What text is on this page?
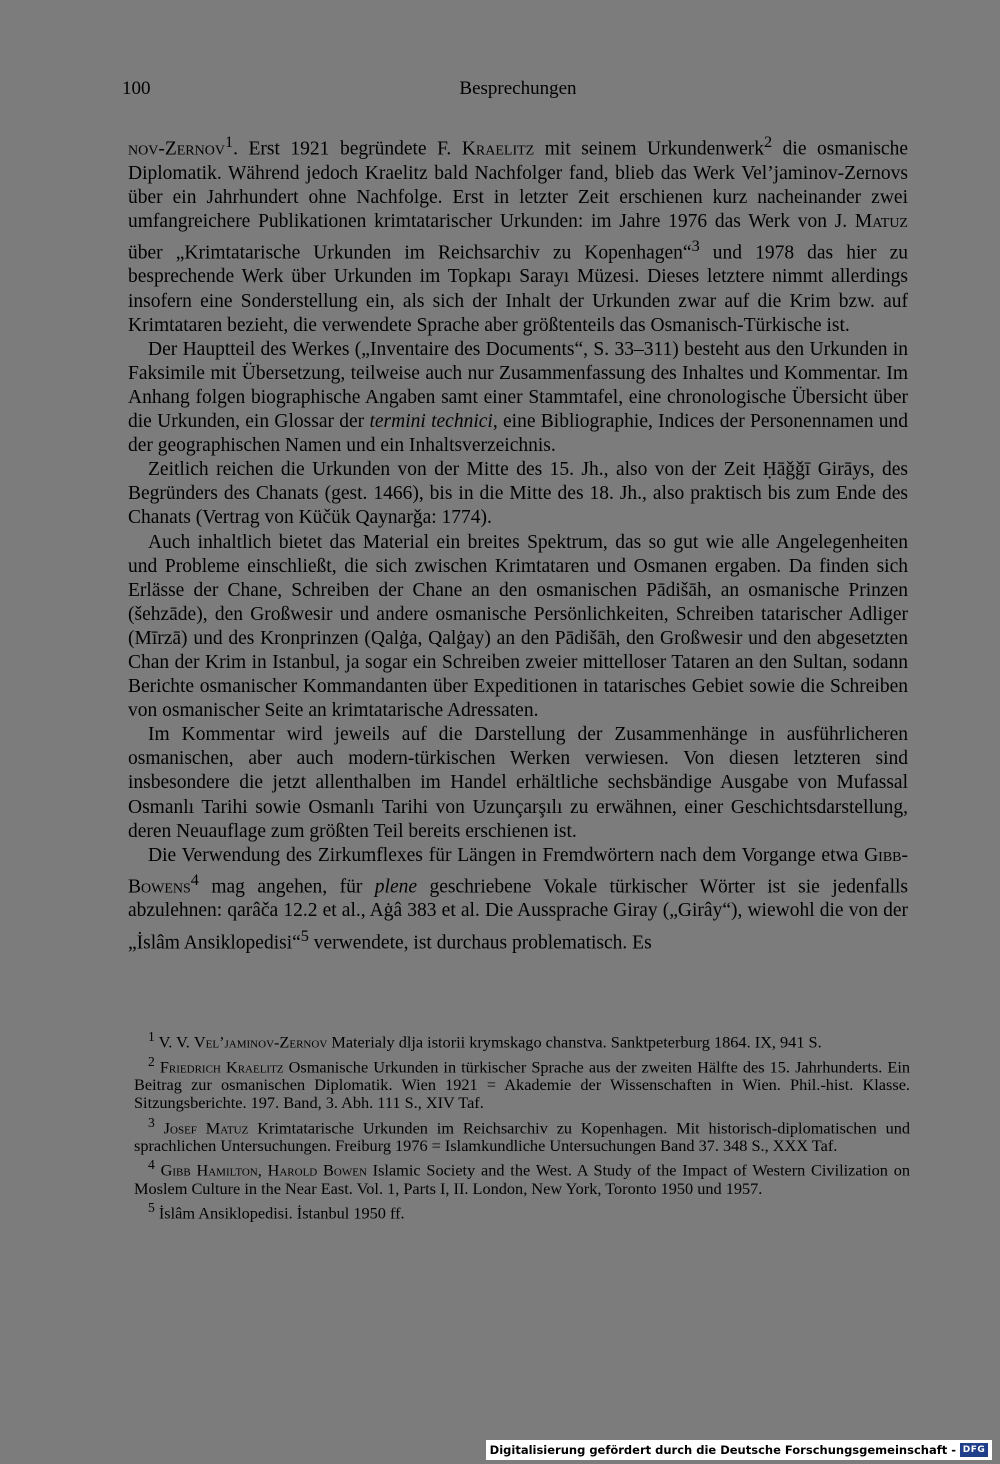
100	Besprechungen

nov-Zernov$^1$. Erst 1921 begründete F. Kraelitz mit seinem Urkundenwerk$^2$ die osmanische Diplomatik. Während jedoch Kraelitz bald Nachfolger fand, blieb das Werk Vel’jaminov-Zernovs über ein Jahrhundert ohne Nachfolge. Erst in letzter Zeit erschienen kurz nacheinander zwei umfangreichere Publikationen krimtatarischer Urkunden: im Jahre 1976 das Werk von J. Matuz über „Krimtatarische Urkunden im Reichsarchiv zu Kopenhagen“$^3$ und 1978 das hier zu besprechende Werk über Urkunden im Topkapı Sarayı Müzesi. Dieses letztere nimmt allerdings insofern eine Sonderstellung ein, als sich der Inhalt der Urkunden zwar auf die Krim bzw. auf Krimtataren bezieht, die verwendete Sprache aber größtenteils das Osmanisch-Türkische ist.

Der Hauptteil des Werkes („Inventaire des Documents“, S. 33–311) besteht aus den Urkunden in Faksimile mit Übersetzung, teilweise auch nur Zusammenfassung des Inhaltes und Kommentar. Im Anhang folgen biographische Angaben samt einer Stammtafel, eine chronologische Übersicht über die Urkunden, ein Glossar der termini technici, eine Bibliographie, Indices der Personennamen und der geographischen Namen und ein Inhaltsverzeichnis.

Zeitlich reichen die Urkunden von der Mitte des 15. Jh., also von der Zeit Ḥāǧǧī Girāys, des Begründers des Chanats (gest. 1466), bis in die Mitte des 18. Jh., also praktisch bis zum Ende des Chanats (Vertrag von Küčük Qaynarǧa: 1774).

Auch inhaltlich bietet das Material ein breites Spektrum, das so gut wie alle Angelegenheiten und Probleme einschließt, die sich zwischen Krimtataren und Osmanen ergaben. Da finden sich Erlässe der Chane, Schreiben der Chane an den osmanischen Pādišāh, an osmanische Prinzen (šehzāde), den Großwesir und andere osmanische Persönlichkeiten, Schreiben tatarischer Adliger (Mīrzā) und des Kronprinzen (Qalġa, Qalġay) an den Pādišāh, den Großwesir und den abgesetzten Chan der Krim in Istanbul, ja sogar ein Schreiben zweier mittelloser Tataren an den Sultan, sodann Berichte osmanischer Kommandanten über Expeditionen in tatarisches Gebiet sowie die Schreiben von osmanischer Seite an krimtatarische Adressaten.

Im Kommentar wird jeweils auf die Darstellung der Zusammenhänge in ausführlicheren osmanischen, aber auch modern-türkischen Werken verwiesen. Von diesen letzteren sind insbesondere die jetzt allenthalben im Handel erhältliche sechsbändige Ausgabe von Mufassal Osmanlı Tarihi sowie Osmanlı Tarihi von Uzunçarşılı zu erwähnen, einer Geschichtsdarstellung, deren Neuauflage zum größten Teil bereits erschienen ist.

Die Verwendung des Zirkumflexes für Längen in Fremdwörtern nach dem Vorgange etwa Gibb-Bowens$^4$ mag angehen, für plene geschriebene Vokale türkischer Wörter ist sie jedenfalls abzulehnen: qarâča 12.2 et al., Aġâ 383 et al. Die Aussprache Giray („Girây“), wiewohl die von der „İslâm Ansiklopedisi“$^5$ verwendete, ist durchaus problematisch. Es

$^1$ V. V. Vel’jaminov-Zernov Materialy dlja istorii krymskago chanstva. Sanktpeterburg 1864. IX, 941 S.

$^2$ Friedrich Kraelitz Osmanische Urkunden in türkischer Sprache aus der zweiten Hälfte des 15. Jahrhunderts. Ein Beitrag zur osmanischen Diplomatik. Wien 1921 = Akademie der Wissenschaften in Wien. Phil.-hist. Klasse. Sitzungsberichte. 197. Band, 3. Abh. 111 S., XIV Taf.

$^3$ Josef Matuz Krimtatarische Urkunden im Reichsarchiv zu Kopenhagen. Mit historisch-diplomatischen und sprachlichen Untersuchungen. Freiburg 1976 = Islamkundliche Untersuchungen Band 37. 348 S., XXX Taf.

$^4$ Gibb Hamilton, Harold Bowen Islamic Society and the West. A Study of the Impact of Western Civilization on Moslem Culture in the Near East. Vol. 1, Parts I, II. London, New York, Toronto 1950 und 1957.

$^5$ İslâm Ansiklopedisi. İstanbul 1950 ff.

Digitalisierung gefördert durch die Deutsche Forschungsgemeinschaft - DFG
